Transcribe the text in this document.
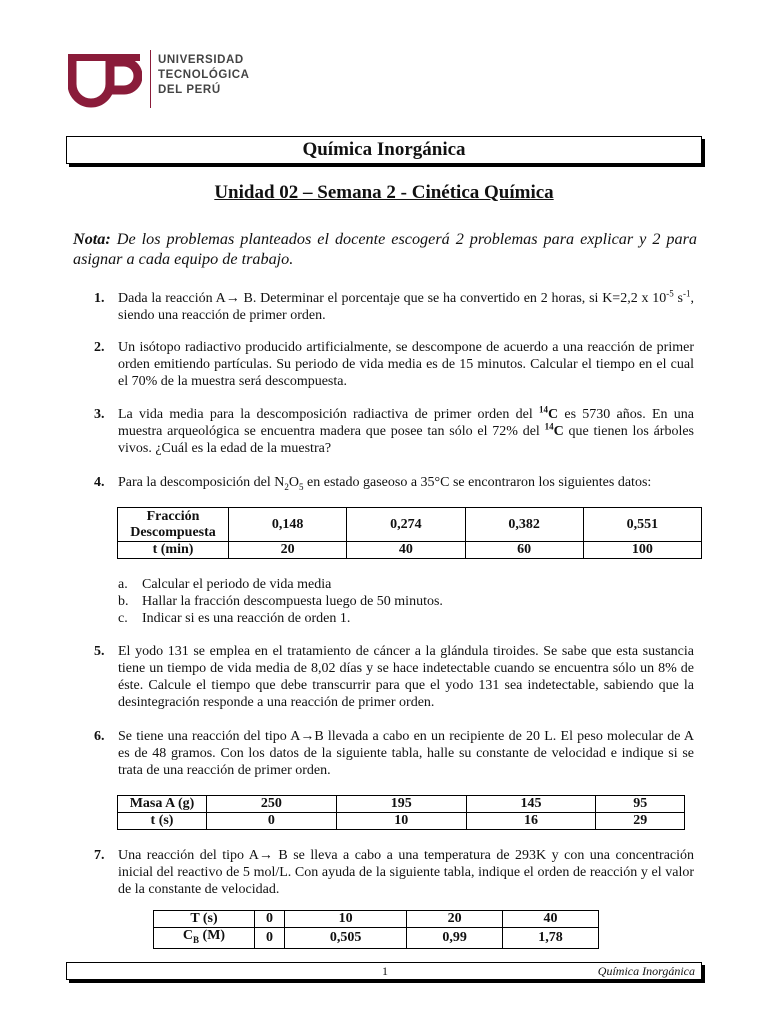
UNIVERSIDAD
TECNOLÓGICA
DEL PERÚ
Química Inorgánica
Unidad 02 – Semana 2 - Cinética Química
Nota: De los problemas planteados el docente escogerá 2 problemas para explicar y 2 para asignar a cada equipo de trabajo.
1. Dada la reacción A→ B. Determinar el porcentaje que se ha convertido en 2 horas, si K=2,2 x $10^{-5}$ $s^{-1}$, siendo una reacción de primer orden.
2. Un isótopo radiactivo producido artificialmente, se descompone de acuerdo a una reacción de primer orden emitiendo partículas. Su periodo de vida media es de 15 minutos. Calcular el tiempo en el cual el 70% de la muestra será descompuesta.
3. La vida media para la descomposición radiactiva de primer orden del $^{14}$C es 5730 años. En una muestra arqueológica se encuentra madera que posee tan sólo el 72% del $^{14}$C que tienen los árboles vivos. ¿Cuál es la edad de la muestra?
4. Para la descomposición del $N_2O_5$ en estado gaseoso a 35°C se encontraron los siguientes datos:
Fracción Descompuesta	0,148	0,274	0,382	0,551
t (min)	20	40	60	100
a. Calcular el periodo de vida media
b. Hallar la fracción descompuesta luego de 50 minutos.
c. Indicar si es una reacción de orden 1.
5. El yodo 131 se emplea en el tratamiento de cáncer a la glándula tiroides. Se sabe que esta sustancia tiene un tiempo de vida media de 8,02 días y se hace indetectable cuando se encuentra sólo un 8% de éste. Calcule el tiempo que debe transcurrir para que el yodo 131 sea indetectable, sabiendo que la desintegración responde a una reacción de primer orden.
6. Se tiene una reacción del tipo A→B llevada a cabo en un recipiente de 20 L. El peso molecular de A es de 48 gramos. Con los datos de la siguiente tabla, halle su constante de velocidad e indique si se trata de una reacción de primer orden.
Masa A (g)	250	195	145	95
t (s)	0	10	16	29
7. Una reacción del tipo A→ B se lleva a cabo a una temperatura de 293K y con una concentración inicial del reactivo de 5 mol/L. Con ayuda de la siguiente tabla, indique el orden de reacción y el valor de la constante de velocidad.
T (s)	0	10	20	40
$C_B$ (M)	0	0,505	0,99	1,78
1	Química Inorgánica
